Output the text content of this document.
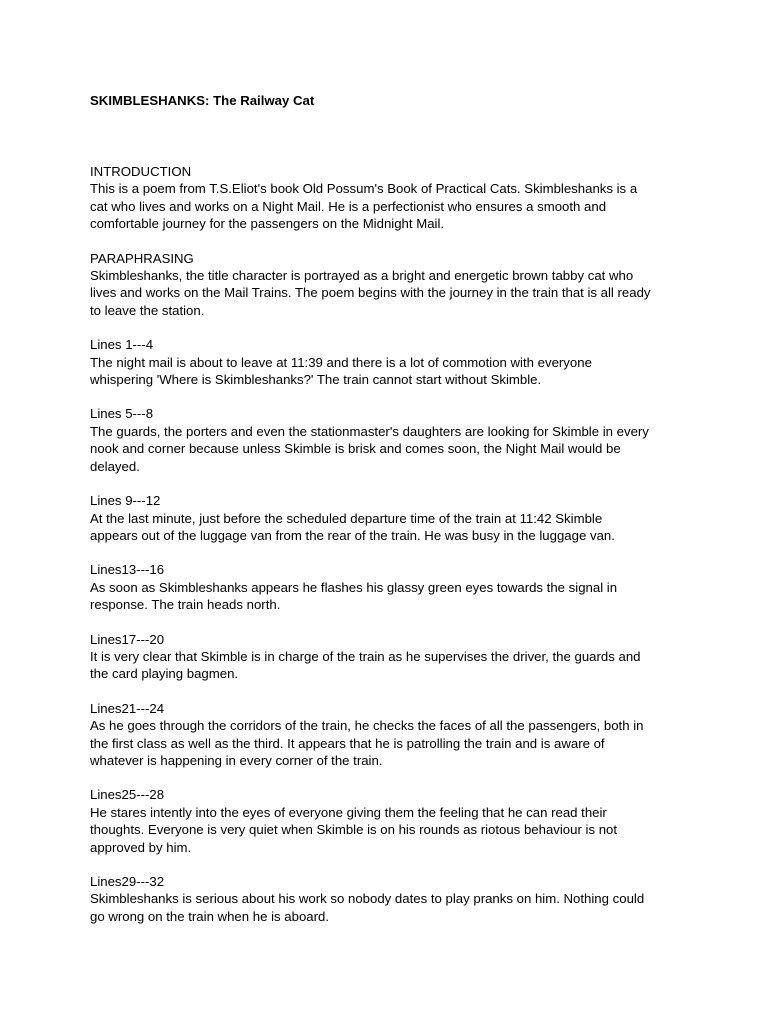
SKIMBLESHANKS: The Railway Cat

INTRODUCTION

This is a poem from T.S.Eliot's book Old Possum's Book of Practical Cats. Skimbleshanks is a
cat who lives and works on a Night Mail. He is a perfectionist who ensures a smooth and
comfortable journey for the passengers on the Midnight Mail.

PARAPHRASING

Skimbleshanks, the title character is portrayed as a bright and energetic brown tabby cat who
lives and works on the Mail Trains. The poem begins with the journey in the train that is all ready
to leave the station.

Lines 1---4

The night mail is about to leave at 11:39 and there is a lot of commotion with everyone
whispering 'Where is Skimbleshanks?' The train cannot start without Skimble.

Lines 5---8

The guards, the porters and even the stationmaster's daughters are looking for Skimble in every
nook and corner because unless Skimble is brisk and comes soon, the Night Mail would be
delayed.

Lines 9---12

At the last minute, just before the scheduled departure time of the train at 11:42 Skimble
appears out of the luggage van from the rear of the train. He was busy in the luggage van.

Lines13---16

As soon as Skimbleshanks appears he flashes his glassy green eyes towards the signal in
response. The train heads north.

Lines17---20

It is very clear that Skimble is in charge of the train as he supervises the driver, the guards and
the card playing bagmen.

Lines21---24

As he goes through the corridors of the train, he checks the faces of all the passengers, both in
the first class as well as the third. It appears that he is patrolling the train and is aware of
whatever is happening in every corner of the train.

Lines25---28

He stares intently into the eyes of everyone giving them the feeling that he can read their
thoughts. Everyone is very quiet when Skimble is on his rounds as riotous behaviour is not
approved by him.

Lines29---32

Skimbleshanks is serious about his work so nobody dates to play pranks on him. Nothing could
go wrong on the train when he is aboard.
